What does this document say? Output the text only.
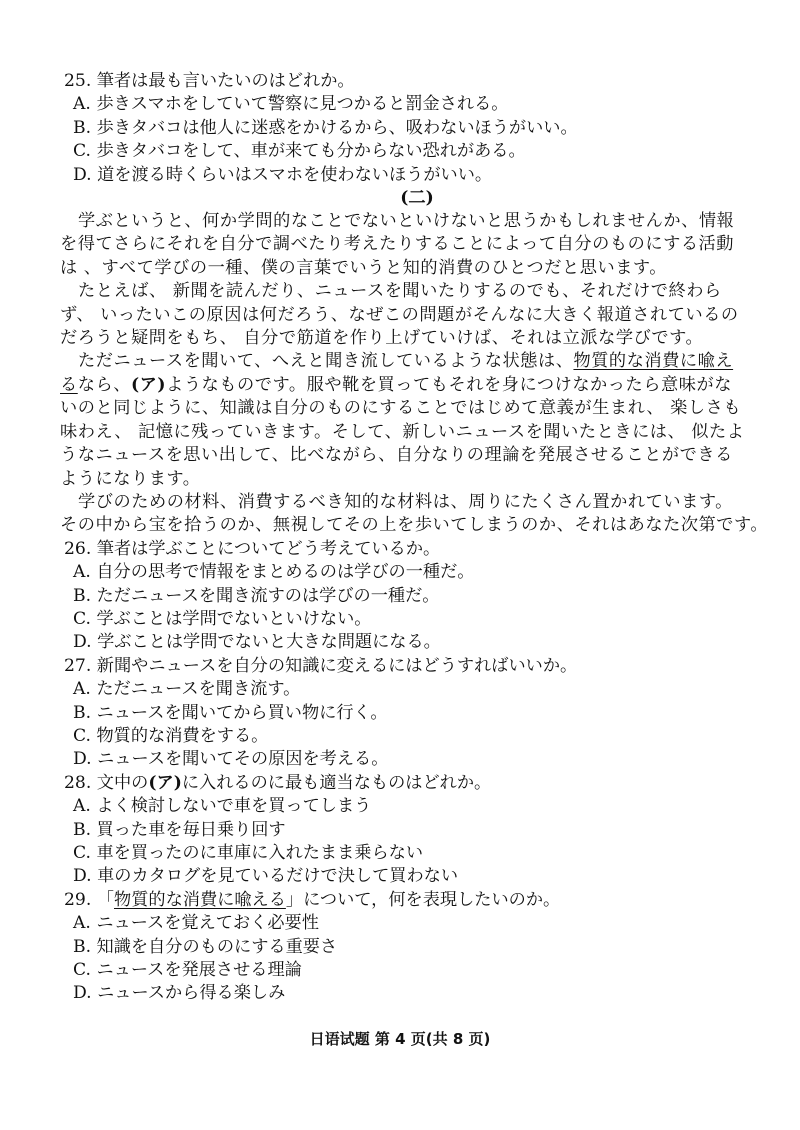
25. 筆者は最も言いたいのはどれか。
A. 歩きスマホをしていて警察に見つかると罰金される。
B. 歩きタバコは他人に迷惑をかけるから、吸わないほうがいい。
C. 歩きタバコをして、車が来ても分からない恐れがある。
D. 道を渡る時くらいはスマホを使わないほうがいい。
(二)
学ぶというと、何か学問的なことでないといけないと思うかもしれませんか、情報
を得てさらにそれを自分で調べたり考えたりすることによって自分のものにする活動
は 、すべて学びの一種、僕の言葉でいうと知的消費のひとつだと思います。
たとえば、 新聞を読んだり、ニュースを聞いたりするのでも、それだけで終わら
ず、 いったいこの原因は何だろう、なぜこの問題がそんなに大きく報道されているの
だろうと疑問をもち、 自分で筋道を作り上げていけば、それは立派な学びです。
ただニュースを聞いて、へえと聞き流しているような状態は、物質的な消費に喩え
るなら、(ア)ようなものです。服や靴を買ってもそれを身につけなかったら意味がな
いのと同じように、知識は自分のものにすることではじめて意義が生まれ、 楽しさも
味わえ、 記憶に残っていきます。そして、新しいニュースを聞いたときには、 似たよ
うなニュースを思い出して、比べながら、自分なりの理論を発展させることができる
ようになります。
学びのための材料、消費するべき知的な材料は、周りにたくさん置かれています。
その中から宝を拾うのか、無視してその上を歩いてしまうのか、それはあなた次第です。
26. 筆者は学ぶことについてどう考えているか。
A. 自分の思考で情報をまとめるのは学びの一種だ。
B. ただニュースを聞き流すのは学びの一種だ。
C. 学ぶことは学問でないといけない。
D. 学ぶことは学問でないと大きな問題になる。
27. 新聞やニュースを自分の知識に変えるにはどうすればいいか。
A. ただニュースを聞き流す。
B. ニュースを聞いてから買い物に行く。
C. 物質的な消費をする。
D. ニュースを聞いてその原因を考える。
28. 文中の(ア)に入れるのに最も適当なものはどれか。
A. よく検討しないで車を買ってしまう
B. 買った車を毎日乗り回す
C. 車を買ったのに車庫に入れたまま乗らない
D. 車のカタログを見ているだけで決して買わない
29. 「物質的な消費に喩える」について，何を表現したいのか。
A. ニュースを覚えておく必要性
B. 知識を自分のものにする重要さ
C. ニュースを発展させる理論
D. ニュースから得る楽しみ
日语试题 第 4 页(共 8 页)
